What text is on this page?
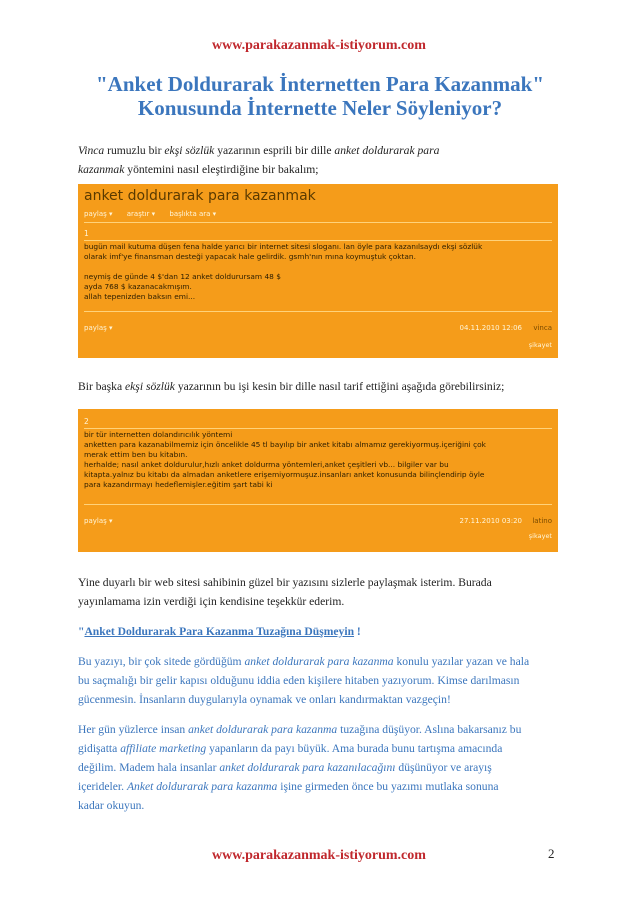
www.parakazanmak-istiyorum.com
"Anket Doldurarak İnternetten Para Kazanmak"
Konusunda İnternette Neler Söyleniyor?
Vinca rumuzlu bir ekşi sözlük yazarının esprili bir dille anket doldurarak para
kazanmak yöntemini nasıl eleştirdiğine bir bakalım;
anket doldurarak para kazanmak
paylaş ▾ araştır ▾ başlıkta ara ▾
1
bugün mail kutuma düşen fena halde yarıcı bir internet sitesi sloganı. lan öyle para kazanılsaydı ekşi sözlük
olarak imf'ye finansman desteği yapacak hale gelirdik. gsmh'nın mına koymuştuk çoktan.
neymiş de günde 4 $'dan 12 anket doldurursam 48 $
ayda 768 $ kazanacakmışım.
allah tepenizden baksın emi...
paylaş ▾	04.11.2010 12:06 vinca
şikayet
Bir başka ekşi sözlük yazarının bu işi kesin bir dille nasıl tarif ettiğini aşağıda görebilirsiniz;
2
bir tür internetten dolandırıcılık yöntemi
anketten para kazanabilmemiz için öncelikle 45 tl bayılıp bir anket kitabı almamız gerekiyormuş.içeriğini çok
merak ettim ben bu kitabın.
herhalde; nasıl anket doldurulur,hızlı anket doldurma yöntemleri,anket çeşitleri vb... bilgiler var bu
kitapta.yalnız bu kitabı da almadan anketlere erişemiyormuşuz.insanları anket konusunda bilinçlendirip öyle
para kazandırmayı hedeflemişler.eğitim şart tabi ki
paylaş ▾	27.11.2010 03:20 latino
şikayet
Yine duyarlı bir web sitesi sahibinin güzel bir yazısını sizlerle paylaşmak isterim. Burada
yayınlamama izin verdiği için kendisine teşekkür ederim.
"Anket Doldurarak Para Kazanma Tuzağına Düşmeyin !
Bu yazıyı, bir çok sitede gördüğüm anket doldurarak para kazanma konulu yazılar yazan ve hala
bu saçmalığı bir gelir kapısı olduğunu iddia eden kişilere hitaben yazıyorum. Kimse darılmasın
gücenmesin. İnsanların duygularıyla oynamak ve onları kandırmaktan vazgeçin!
Her gün yüzlerce insan anket doldurarak para kazanma tuzağına düşüyor. Aslına bakarsanız bu
gidişatta affiliate marketing yapanların da payı büyük. Ama burada bunu tartışma amacında
değilim. Madem hala insanlar anket doldurarak para kazanılacağını düşünüyor ve arayış
içerideler. Anket doldurarak para kazanma işine girmeden önce bu yazımı mutlaka sonuna
kadar okuyun.
www.parakazanmak-istiyorum.com	2
